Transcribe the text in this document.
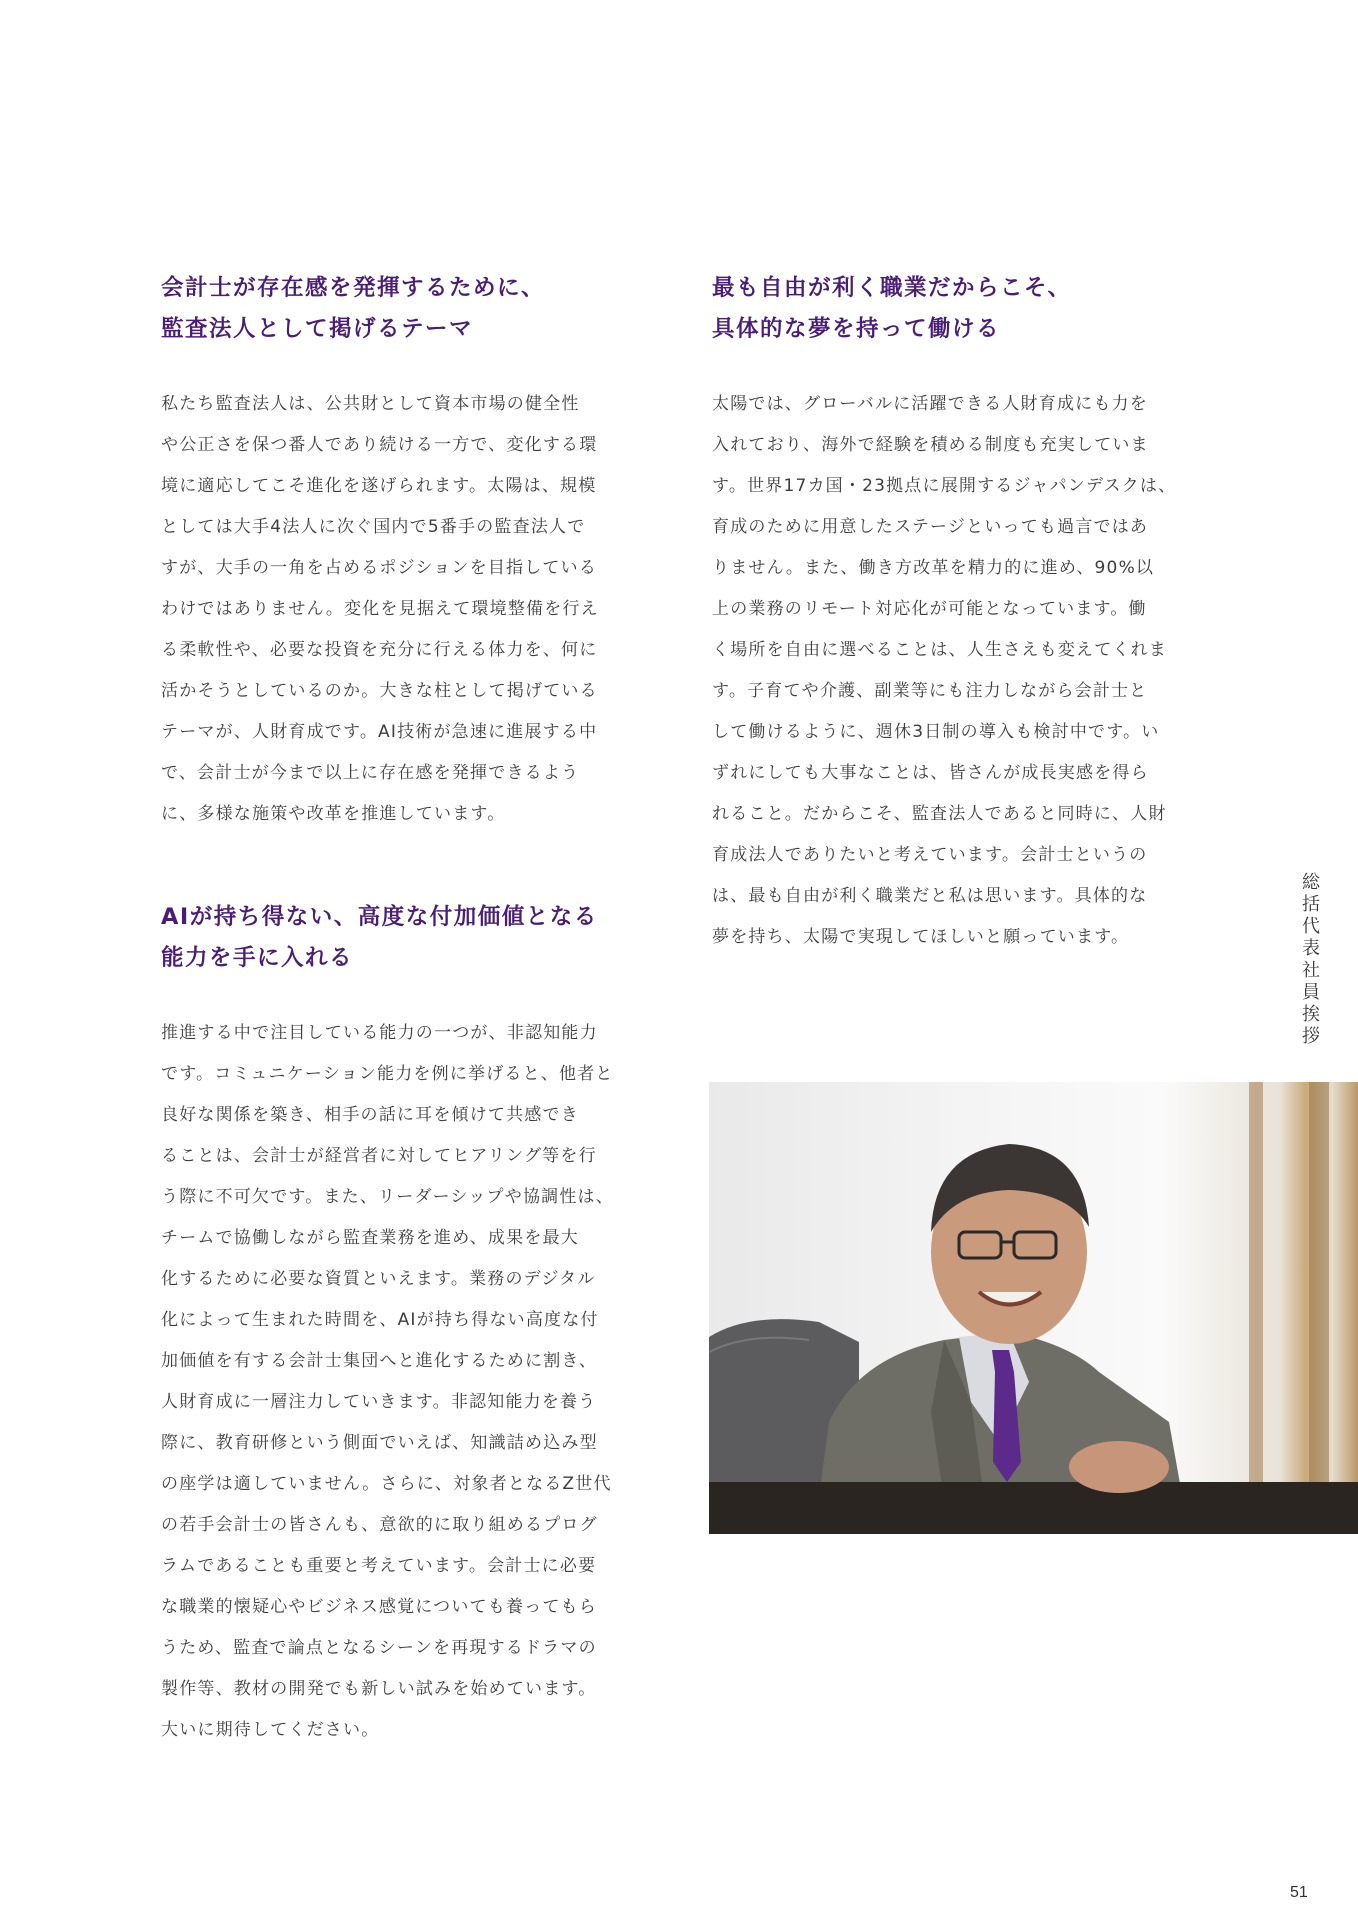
会計士が存在感を発揮するために、
監査法人として掲げるテーマ
私たち監査法人は、公共財として資本市場の健全性
や公正さを保つ番人であり続ける一方で、変化する環
境に適応してこそ進化を遂げられます。太陽は、規模
としては大手4法人に次ぐ国内で5番手の監査法人で
すが、大手の一角を占めるポジションを目指している
わけではありません。変化を見据えて環境整備を行え
る柔軟性や、必要な投資を充分に行える体力を、何に
活かそうとしているのか。大きな柱として掲げている
テーマが、人財育成です。AI技術が急速に進展する中
で、会計士が今まで以上に存在感を発揮できるよう
に、多様な施策や改革を推進しています。
AIが持ち得ない、高度な付加価値となる
能力を手に入れる
推進する中で注目している能力の一つが、非認知能力
です。コミュニケーション能力を例に挙げると、他者と
良好な関係を築き、相手の話に耳を傾けて共感でき
ることは、会計士が経営者に対してヒアリング等を行
う際に不可欠です。また、リーダーシップや協調性は、
チームで協働しながら監査業務を進め、成果を最大
化するために必要な資質といえます。業務のデジタル
化によって生まれた時間を、AIが持ち得ない高度な付
加価値を有する会計士集団へと進化するために割き、
人財育成に一層注力していきます。非認知能力を養う
際に、教育研修という側面でいえば、知識詰め込み型
の座学は適していません。さらに、対象者となるZ世代
の若手会計士の皆さんも、意欲的に取り組めるプログ
ラムであることも重要と考えています。会計士に必要
な職業的懐疑心やビジネス感覚についても養ってもら
うため、監査で論点となるシーンを再現するドラマの
製作等、教材の開発でも新しい試みを始めています。
大いに期待してください。
最も自由が利く職業だからこそ、
具体的な夢を持って働ける
太陽では、グローバルに活躍できる人財育成にも力を
入れており、海外で経験を積める制度も充実していま
す。世界17カ国・23拠点に展開するジャパンデスクは、
育成のために用意したステージといっても過言ではあ
りません。また、働き方改革を精力的に進め、90%以
上の業務のリモート対応化が可能となっています。働
く場所を自由に選べることは、人生さえも変えてくれま
す。子育てや介護、副業等にも注力しながら会計士と
して働けるように、週休3日制の導入も検討中です。い
ずれにしても大事なことは、皆さんが成長実感を得ら
れること。だからこそ、監査法人であると同時に、人財
育成法人でありたいと考えています。会計士というの
は、最も自由が利く職業だと私は思います。具体的な
夢を持ち、太陽で実現してほしいと願っています。	総括代表社員挨拶
51
